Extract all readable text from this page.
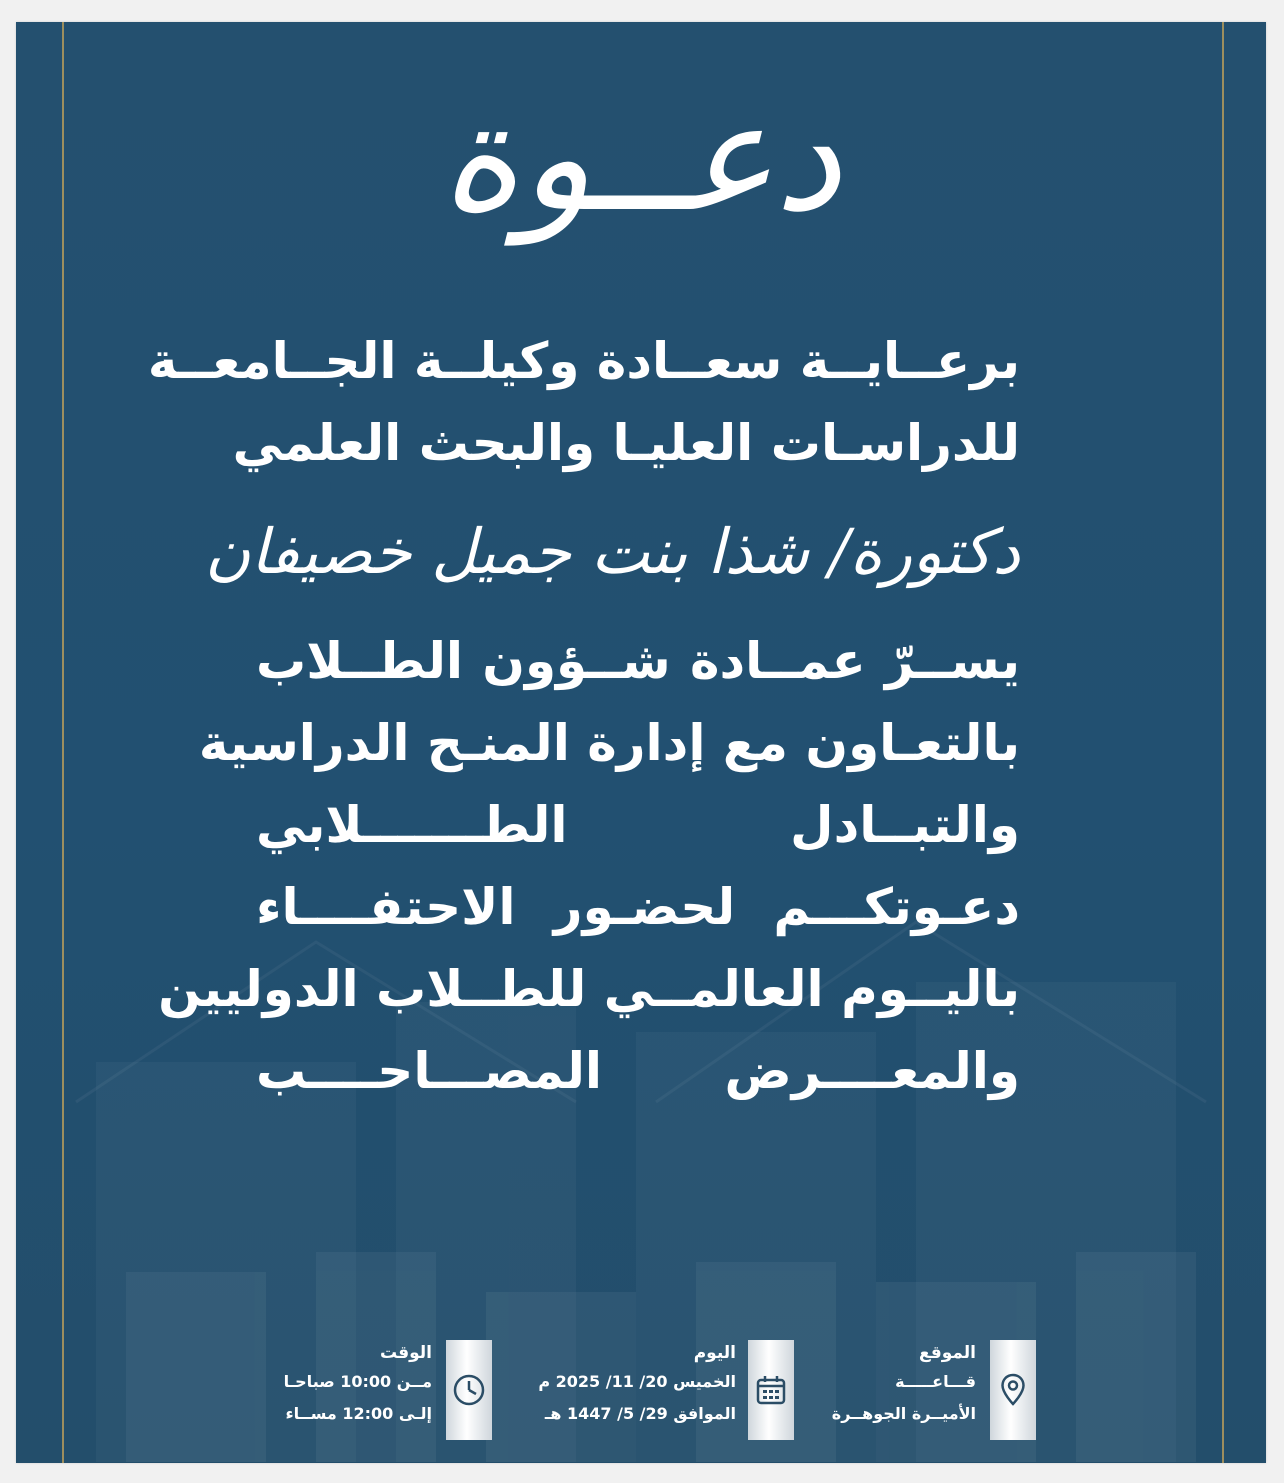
دعــوة
برعــايــة سعــادة وكيلــة الجــامعــة
للدراسـات العليـا والبحث العلمي
دكتورة/ شذا بنت جميل خصيفان
يســرّ عمــادة شــؤون الطــلاب
بالتعـاون مع إدارة المنـح الدراسية
والتبــادل الطـــــــلابي
دعـوتكـــم لحضـور الاحتفــــاء
باليــوم العالمــي للطــلاب الدوليين
والمعــــرض المصـــاحــــب
الموقع
قـــاعـــــة
الأميــرة الجوهــرة
اليوم
الخميس 20/ 11/ 2025 م
الموافق 29/ 5/ 1447 هـ
الوقت
مــن 10:00 صباحـا
إلـى 12:00 مســاء
